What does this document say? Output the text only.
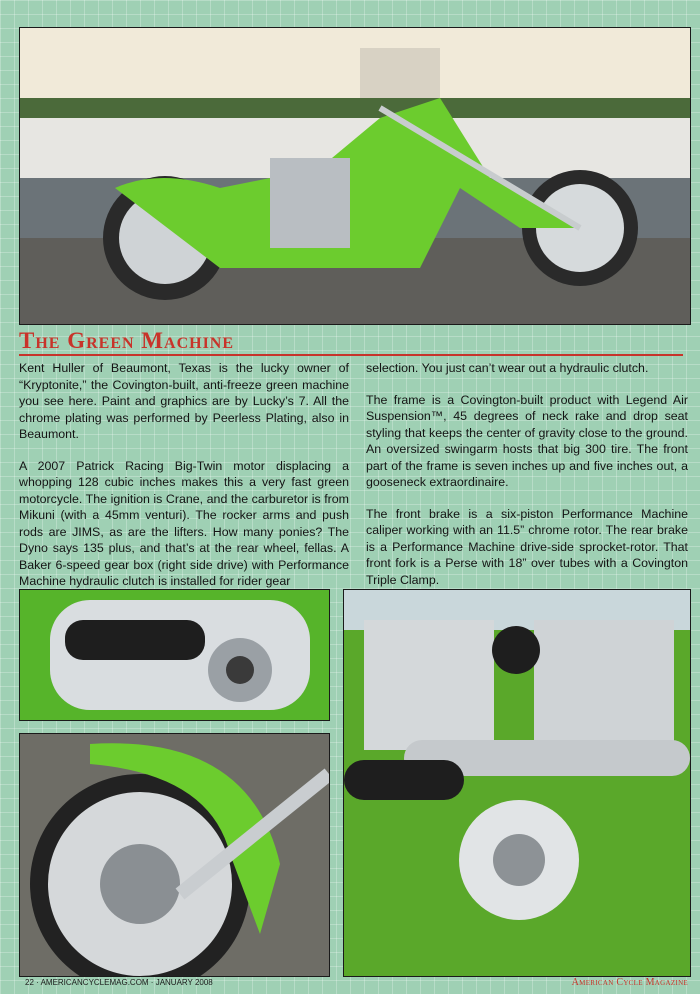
The Green Machine

Kent Huller of Beaumont, Texas is the lucky owner of “Kryptonite,” the Covington-built, anti-freeze green machine you see here. Paint and graphics are by Lucky’s 7. All the chrome plating was performed by Peerless Plating, also in Beaumont.

A 2007 Patrick Racing Big-Twin motor displacing a whopping 128 cubic inches makes this a very fast green motorcycle. The ignition is Crane, and the carburetor is from Mikuni (with a 45mm venturi). The rocker arms and push rods are JIMS, as are the lifters. How many ponies? The Dyno says 135 plus, and that’s at the rear wheel, fellas. A Baker 6-speed gear box (right side drive) with Performance Machine hydraulic clutch is installed for rider gear

selection. You just can’t wear out a hydraulic clutch.

The frame is a Covington-built product with Legend Air Suspension™, 45 degrees of neck rake and drop seat styling that keeps the center of gravity close to the ground. An oversized swingarm hosts that big 300 tire. The front part of the frame is seven inches up and five inches out, a gooseneck extraordinaire.

The front brake is a six-piston Performance Machine caliper working with an 11.5” chrome rotor. The rear brake is a Performance Machine drive-side sprocket-rotor. That front fork is a Perse with 18” over tubes with a Covington Triple Clamp.

22 · AMERICANCYCLEMAG.COM · JANUARY 2008	American Cycle Magazine
